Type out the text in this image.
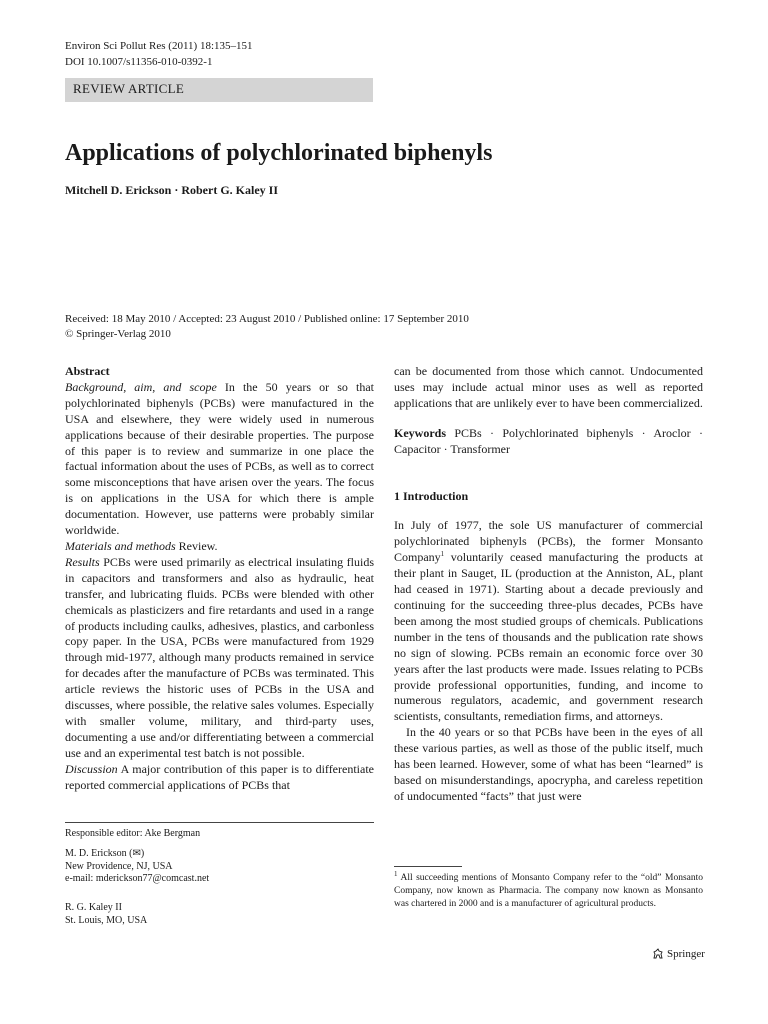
Environ Sci Pollut Res (2011) 18:135–151
DOI 10.1007/s11356-010-0392-1
REVIEW ARTICLE
Applications of polychlorinated biphenyls
Mitchell D. Erickson · Robert G. Kaley II
Received: 18 May 2010 / Accepted: 23 August 2010 / Published online: 17 September 2010
© Springer-Verlag 2010
Abstract

Background, aim, and scope In the 50 years or so that polychlorinated biphenyls (PCBs) were manufactured in the USA and elsewhere, they were widely used in numerous applications because of their desirable properties. The purpose of this paper is to review and summarize in one place the factual information about the uses of PCBs, as well as to correct some misconceptions that have arisen over the years. The focus is on applications in the USA for which there is ample documentation. However, use patterns were probably similar worldwide.

Materials and methods Review.

Results PCBs were used primarily as electrical insulating fluids in capacitors and transformers and also as hydraulic, heat transfer, and lubricating fluids. PCBs were blended with other chemicals as plasticizers and fire retardants and used in a range of products including caulks, adhesives, plastics, and carbonless copy paper. In the USA, PCBs were manufactured from 1929 through mid-1977, although many products remained in service for decades after the manufacture of PCBs was terminated. This article reviews the historic uses of PCBs in the USA and discusses, where possible, the relative sales volumes. Especially with smaller volume, military, and third-party uses, documenting a use and/or differentiating between a commercial use and an experimental test batch is not possible.

Discussion A major contribution of this paper is to differentiate reported commercial applications of PCBs that

Responsible editor: Ake Bergman
M. D. Erickson (✉)
New Providence, NJ, USA
e-mail: mderickson77@comcast.net
R. G. Kaley II
St. Louis, MO, USA

can be documented from those which cannot. Undocumented uses may include actual minor uses as well as reported applications that are unlikely ever to have been commercialized.

Keywords PCBs · Polychlorinated biphenyls · Aroclor · Capacitor · Transformer

1 Introduction

In July of 1977, the sole US manufacturer of commercial polychlorinated biphenyls (PCBs), the former Monsanto Company$^1$ voluntarily ceased manufacturing the products at their plant in Sauget, IL (production at the Anniston, AL, plant had ceased in 1971). Starting about a decade previously and continuing for the succeeding three-plus decades, PCBs have been among the most studied groups of chemicals. Publications number in the tens of thousands and the publication rate shows no sign of slowing. PCBs remain an economic force over 30 years after the last products were made. Issues relating to PCBs provide professional opportunities, funding, and income to numerous regulators, academic, and government research scientists, consultants, remediation firms, and attorneys.

In the 40 years or so that PCBs have been in the eyes of all these various parties, as well as those of the public itself, much has been learned. However, some of what has been “learned” is based on misunderstandings, apocrypha, and careless repetition of undocumented “facts” that just were

$^1$ All succeeding mentions of Monsanto Company refer to the “old” Monsanto Company, now known as Pharmacia. The company now known as Monsanto was chartered in 2000 and is a manufacturer of agricultural products.
Springer
